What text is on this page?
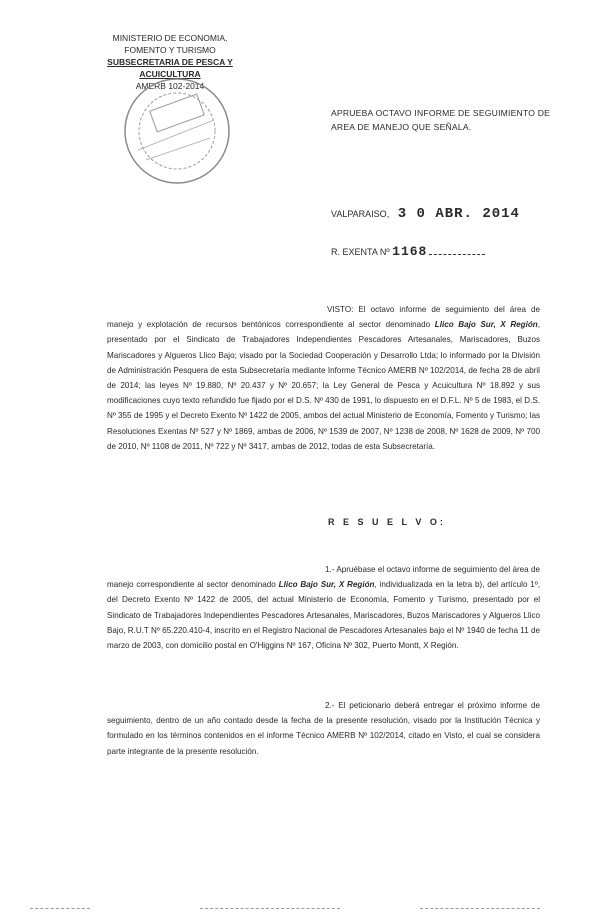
MINISTERIO DE ECONOMIA,
FOMENTO Y TURISMO
SUBSECRETARIA DE PESCA Y ACUICULTURA
AMERB 102-2014
APRUEBA OCTAVO INFORME DE SEGUIMIENTO DE AREA DE MANEJO QUE SEÑALA.
VALPARAISO, 3 0 ABR. 2014
R. EXENTA Nº 1168
VISTO: El octavo informe de seguimiento del área de manejo y explotación de recursos bentónicos correspondiente al sector denominado Llico Bajo Sur, X Región, presentado por el Sindicato de Trabajadores Independientes Pescadores Artesanales, Mariscadores, Buzos Mariscadores y Algueros Llico Bajo; visado por la Sociedad Cooperación y Desarrollo Ltda; lo informado por la División de Administración Pesquera de esta Subsecretaría mediante Informe Técnico AMERB Nº 102/2014, de fecha 28 de abril de 2014; las leyes Nº 19.880, Nº 20.437 y Nº 20.657; la Ley General de Pesca y Acuicultura Nº 18.892 y sus modificaciones cuyo texto refundido fue fijado por el D.S. Nº 430 de 1991, lo dispuesto en el D.F.L. Nº 5 de 1983, el D.S. Nº 355 de 1995 y el Decreto Exento Nº 1422 de 2005, ambos del actual Ministerio de Economía, Fomento y Turismo; las Resoluciones Exentas Nº 527 y Nº 1869, ambas de 2006, Nº 1539 de 2007, Nº 1238 de 2008, Nº 1628 de 2009, Nº 700 de 2010, Nº 1108 de 2011, Nº 722 y Nº 3417, ambas de 2012, todas de esta Subsecretaría.
R E S U E L V O:
1.- Apruébase el octavo informe de seguimiento del área de manejo correspondiente al sector denominado Llico Bajo Sur, X Región, individualizada en la letra b), del artículo 1º, del Decreto Exento Nº 1422 de 2005, del actual Ministerio de Economía, Fomento y Turismo, presentado por el Sindicato de Trabajadores Independientes Pescadores Artesanales, Mariscadores, Buzos Mariscadores y Algueros Llico Bajo, R.U.T Nº 65.220.410-4, inscrito en el Registro Nacional de Pescadores Artesanales bajo el Nº 1940 de fecha 11 de marzo de 2003, con domicilio postal en O'Higgins Nº 167, Oficina Nº 302, Puerto Montt, X Región.
2.- El peticionario deberá entregar el próximo informe de seguimiento, dentro de un año contado desde la fecha de la presente resolución, visado por la Institución Técnica y formulado en los términos contenidos en el informe Técnico AMERB Nº 102/2014, citado en Visto, el cual se considera parte integrante de la presente resolución.
